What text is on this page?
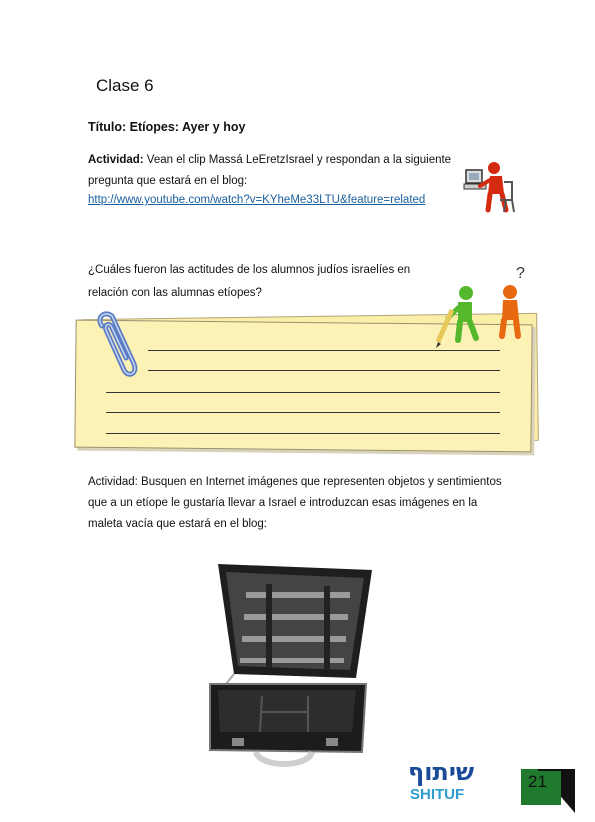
Clase 6
Título: Etíopes: Ayer y hoy
Actividad: Vean el clip Massá LeEretzIsrael y respondan a la siguiente
pregunta que estará en el blog:
http://www.youtube.com/watch?v=KYheMe33LTU&feature=related
¿Cuáles fueron las actitudes de los alumnos judíos israelíes en
relación con las alumnas etíopes?
?
Actividad: Busquen en Internet imágenes que representen objetos y sentimientos
que a un etíope le gustaría llevar a Israel e introduzcan esas imágenes en la
maleta vacía que estará en el blog:
שיתוף
SHITUF
21
